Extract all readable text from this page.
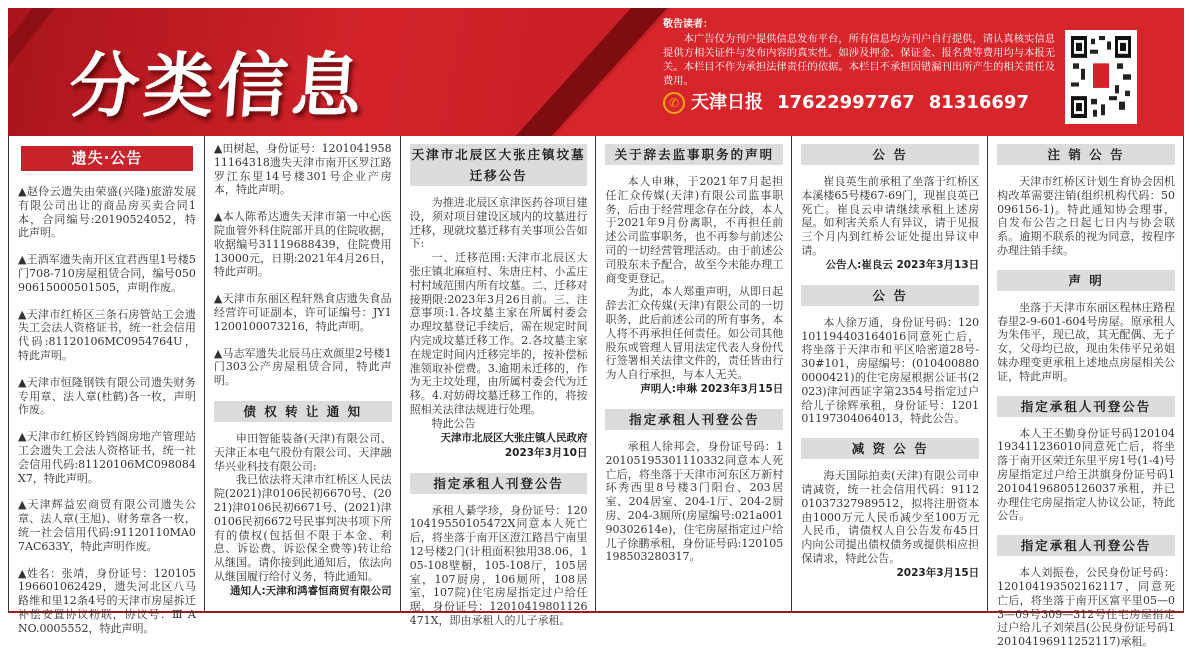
分类信息
敬告读者：
本广告仅为刊户提供信息发布平台，所有信息均为刊户自行提供，请认真核实信息提供方相关证件与发布内容的真实性。如涉及押金、保证金、报名费等费用均与本报无关。本栏目不作为承担法律责任的依据。本栏目不承担因错漏刊出所产生的相关责任及费用。
✆ 天津日报 17622997767 81316697
遗失·公告
▲赵伶云遗失由荣盛(兴隆)旅游发展有限公司出让的商品房买卖合同1本，合同编号:20190524052，特此声明。
▲王酒军遗失南开区宜君西里1号楼5门708-710房屋租赁合同，编号05090615000501505，声明作废。
▲天津市红桥区三条石房管站工会遗失工会法人资格证书，统一社会信用代码:81120106MC0954764U，特此声明。
▲天津市恒隆钢铁有限公司遗失财务专用章、法人章(杜鹤)各一枚，声明作废。
▲天津市红桥区铃铛阁房地产管理站工会遗失工会法人资格证书，统一社会信用代码:81120106MC098084X7，特此声明。
▲天津辉益宏商贸有限公司遗失公章、法人章(王旭)、财务章各一枚，统一社会信用代码:91120110MA07AC633Y，特此声明作废。
▲姓名：张靖，身份证号：120105196601062429，遗失河北区八马路维和里12条4号的天津市房屋拆迁补偿安置协议粉联，协议号：Ⅲ A NO.0005552，特此声明。
▲田树起，身份证号：120104195811164318遗失天津市南开区罗江路罗江东里14号楼301号企业产房本，特此声明。
▲本人陈希达遗失天津市第一中心医院血管外科住院部开具的住院收据，收据编号31119688439，住院费用13000元，日期:2021年4月26日，特此声明。
▲天津市东丽区程轩熟食店遗失食品经营许可证副本，许可证编号：JY11200100073216，特此声明。
▲马志军遗失北辰马庄欢颜里2号楼1门303公产房屋租赁合同，特此声明。
债 权 转 让 通 知
申田智能装备(天津)有限公司、天津正本电气股份有限公司、天津融华兴业科技有限公司:
我已依法将天津市红桥区人民法院(2021)津0106民初6670号、(2021)津0106民初6671号、(2021)津0106民初6672号民事判决书项下所有的债权(包括但不限于本金、利息、诉讼费、诉讼保全费等)转让给从继国。请你接到此通知后，依法向从继国履行给付义务，特此通知。
通知人:天津和鸿睿恒商贸有限公司
天津市北辰区大张庄镇坟墓迁移公告
为推进北辰区京津医药谷项目建设，须对项目建设区域内的坟墓进行迁移，现就坟墓迁移有关事项公告如下:
一、迁移范围:天津市北辰区大张庄镇北麻疸村、朱唐庄村、小孟庄村村域范围内所有坟墓。二、迁移对接期限:2023年3月26日前。三、注意事项:1.各坟墓主家在所属村委会办理坟墓登记手续后，需在规定时间内完成坟墓迁移工作。2.各坟墓主家在规定时间内迁移完毕的，按补偿标准领取补偿费。3.逾期未迁移的，作为无主坟处理，由所属村委会代为迁移。4.对妨碍坟墓迁移工作的，将按照相关法律法规进行处理。
特此公告
天津市北辰区大张庄镇人民政府
2023年3月10日
指定承租人刊登公告
承租人綦学珍，身份证号：12010419550105472X同意本人死亡后，将坐落于南开区澄江路昌宁南里12号楼2门(计租面积独用38.06，105-108壁橱，105-108厅，105居室，107厨房，106厕所，108居室，107院)住宅房屋指定过户给任琚，身份证号：12010419801126471X，即由承租人的儿子承租。
关于辞去监事职务的声明
本人申琳，于2021年7月起担任汇众传媒(天津)有限公司监事职务，后由于经营理念存在分歧，本人于2021年9月份离职，不再担任前述公司监事职务，也不再参与前述公司的一切经营管理活动。由于前述公司股东未予配合，故至今未能办理工商变更登记。
为此，本人郑重声明，从即日起辞去汇众传媒(天津)有限公司的一切职务，此后前述公司的所有事务，本人将不再承担任何责任。如公司其他股东或管理人冒用法定代表人身份代行签署相关法律文件的，责任皆由行为人自行承担，与本人无关。
声明人:申琳 2023年3月15日
指定承租人刊登公告
承租人徐邦会，身份证号码：120105195301110332同意本人死亡后，将坐落于天津市河东区万新村环秀西里8号楼3门阳台、203居室、204居室、204-1厅、204-2厨房、204-3厕所(房屋编号:021a00190302614e)，住宅房屋指定过户给儿子徐鹏承租，身份证号码:120105198503280317。
公 告
崔良英生前承租了坐落于红桥区本溪楼65号楼67-69门，现崔良英已死亡。崔良云申请继续承租上述房屋。如利害关系人有异议，请于见报三个月内到红桥公证处提出异议申请。
公告人:崔良云 2023年3月13日
公 告
本人徐万通，身份证号码：120101194403164016同意死亡后，将坐落于天津市和平区哈密道28号-30#101，房屋编号：(0104008800000421)的住宅房屋根据公证书(2023)津河西证字第2354号指定过户给儿子徐辉承租，身份证号：120101197304064013，特此公告。
减 资 公 告
海天国际拍卖(天津)有限公司申请减资，统一社会信用代码：911201037327989512，拟将注册资本由1000万元人民币减少至100万元人民币，请债权人自公告发布45日内向公司提出债权债务或提供相应担保请求，特此公告。
2023年3月15日
注 销 公 告
天津市红桥区计划生育协会因机构改革需要注销(组织机构代码：50096156-1)。特此通知协会理事，自发布公告之日起七日内与协会联系。逾期不联系的视为同意，按程序办理注销手续。
声 明
坐落于天津市东丽区程林庄路程春里2-9-601-604号房屋。原承租人为朱伟平，现已故，其无配偶、无子女，父母均已故，现由朱伟平兄弟姐妹办理变更承租上述地点房屋相关公证，特此声明。
指定承租人刊登公告
本人王丕勤身份证号码120104193411236010同意死亡后，将坐落于南开区荣迁东里平房1号(1-4)号房屋指定过户给王洪旗身份证号码120104196805126037承租，并已办理住宅房屋指定人协议公证，特此公告。
指定承租人刊登公告
本人刘振卷，公民身份证号码：120104193502162117，同意死亡后，将坐落于南开区富平里05—03—09号309—312号住宅房屋指定过户给儿子刘荣昌(公民身份证号码120104196911252117)承租。
